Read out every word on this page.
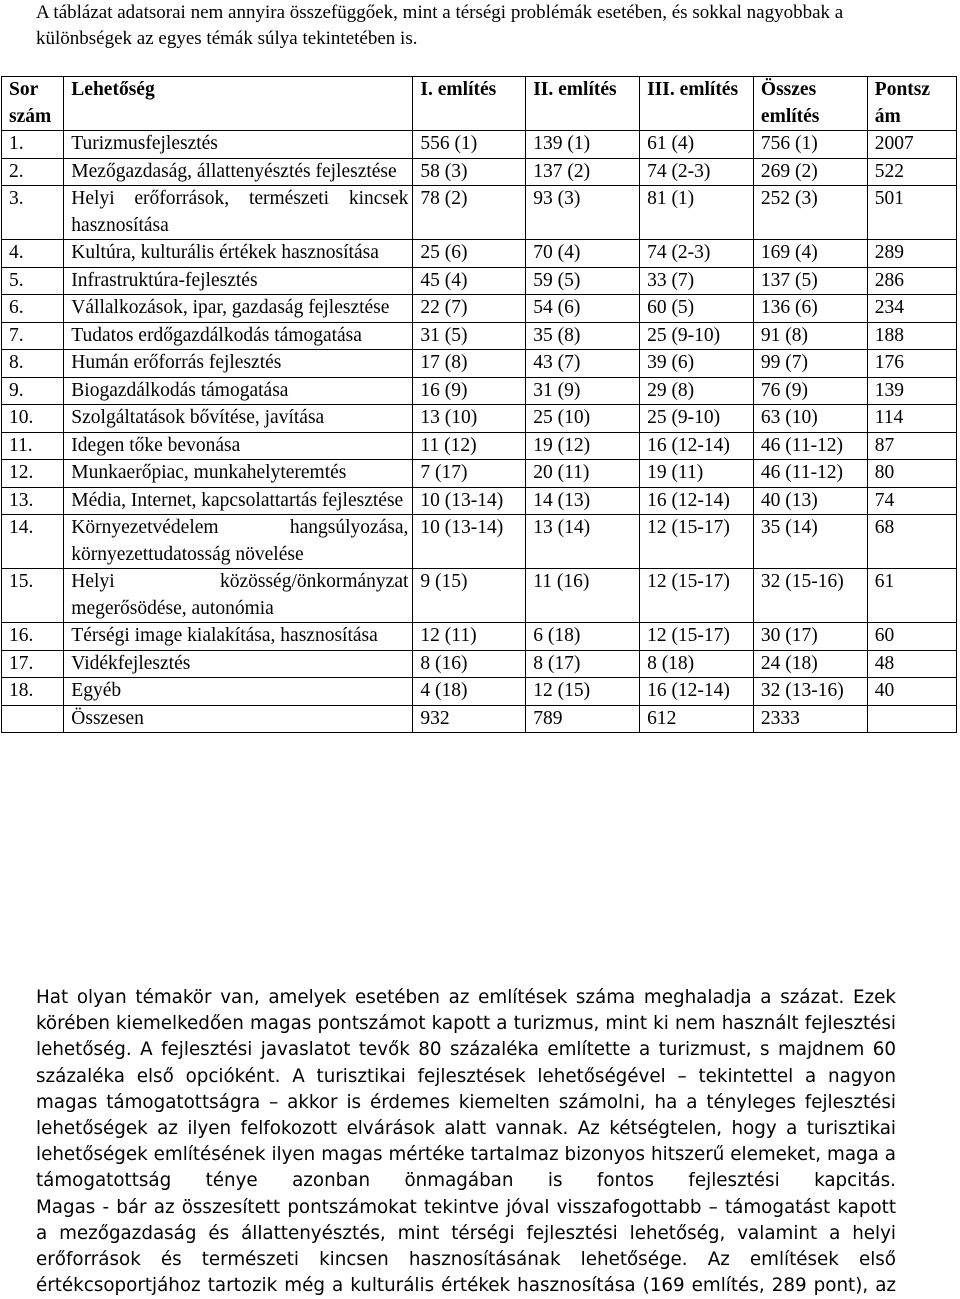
A táblázat adatsorai nem annyira összefüggőek, mint a térségi problémák esetében, és sokkal nagyobbak a különbségek az egyes témák súlya tekintetében is.
Sor szám	Lehetőség	I. említés	II. említés	III. említés	Összes említés	Pontsz ám
1.	Turizmusfejlesztés	556 (1)	139 (1)	61 (4)	756 (1)	2007
2.	Mezőgazdaság, állattenyésztés fejlesztése	58 (3)	137 (2)	74 (2-3)	269 (2)	522
3.	Helyi erőforrások, természeti kincsek hasznosítása	78 (2)	93 (3)	81 (1)	252 (3)	501
4.	Kultúra, kulturális értékek hasznosítása	25 (6)	70 (4)	74 (2-3)	169 (4)	289
5.	Infrastruktúra-fejlesztés	45 (4)	59 (5)	33 (7)	137 (5)	286
6.	Vállalkozások, ipar, gazdaság fejlesztése	22 (7)	54 (6)	60 (5)	136 (6)	234
7.	Tudatos erdőgazdálkodás támogatása	31 (5)	35 (8)	25 (9-10)	91 (8)	188
8.	Humán erőforrás fejlesztés	17 (8)	43 (7)	39 (6)	99 (7)	176
9.	Biogazdálkodás támogatása	16 (9)	31 (9)	29 (8)	76 (9)	139
10.	Szolgáltatások bővítése, javítása	13 (10)	25 (10)	25 (9-10)	63 (10)	114
11.	Idegen tőke bevonása	11 (12)	19 (12)	16 (12-14)	46 (11-12)	87
12.	Munkaerőpiac, munkahelyteremtés	7 (17)	20 (11)	19 (11)	46 (11-12)	80
13.	Média, Internet, kapcsolattartás fejlesztése	10 (13-14)	14 (13)	16 (12-14)	40 (13)	74
14.	Környezetvédelem hangsúlyozása, környezettudatosság növelése	10 (13-14)	13 (14)	12 (15-17)	35 (14)	68
15.	Helyi közösség/önkormányzat megerősödése, autonómia	9 (15)	11 (16)	12 (15-17)	32 (15-16)	61
16.	Térségi image kialakítása, hasznosítása	12 (11)	6 (18)	12 (15-17)	30 (17)	60
17.	Vidékfejlesztés	8 (16)	8 (17)	8 (18)	24 (18)	48
18.	Egyéb	4 (18)	12 (15)	16 (12-14)	32 (13-16)	40
	Összesen	932	789	612	2333	

Hat olyan témakör van, amelyek esetében az említések száma meghaladja a százat. Ezek körében kiemelkedően magas pontszámot kapott a turizmus, mint ki nem használt fejlesztési lehetőség. A fejlesztési javaslatot tevők 80 százaléka említette a turizmust, s majdnem 60 százaléka első opcióként. A turisztikai fejlesztések lehetőségével – tekintettel a nagyon magas támogatottságra – akkor is érdemes kiemelten számolni, ha a tényleges fejlesztési lehetőségek az ilyen felfokozott elvárások alatt vannak. Az kétségtelen, hogy a turisztikai lehetőségek említésének ilyen magas mértéke tartalmaz bizonyos hitszerű elemeket, maga a támogatottság ténye azonban önmagában is fontos fejlesztési kapcitás.

Magas - bár az összesített pontszámokat tekintve jóval visszafogottabb – támogatást kapott a mezőgazdaság és állattenyésztés, mint térségi fejlesztési lehetőség, valamint a helyi erőforrások és természeti kincsen hasznosításának lehetősége. Az említések első értékcsoportjához tartozik még a kulturális értékek hasznosítása (169 említés, 289 pont), az
